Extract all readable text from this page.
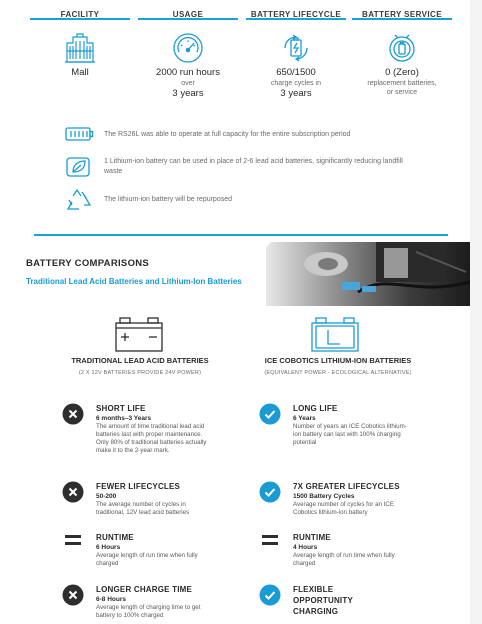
FACILITY
Mall
USAGE
2000 run hours
over
3 years
BATTERY LIFECYCLE
650/1500
charge cycles in
3 years
BATTERY SERVICE
0 (Zero)
replacement batteries,
or service
The RS26L was able to operate at full capacity for the entire subscription period
1 Lithium-ion battery can be used in place of 2-6 lead acid batteries, significantly reducing landfill waste
The lithium-ion battery will be repurposed
BATTERY COMPARISONS
Traditional Lead Acid Batteries and Lithium-Ion Batteries
TRADITIONAL LEAD ACID BATTERIES
(2 X 12V BATTERIES PROVIDE 24V POWER)
ICE COBOTICS LITHIUM-ION BATTERIES
(EQUIVALENT POWER - ECOLOGICAL ALTERNATIVE)
SHORT LIFE
6 months–3 Years
The amount of time traditional lead acid batteries last with proper maintenance. Only 80% of traditional batteries actually make it to the 2-year mark.
FEWER LIFECYCLES
50-200
The average number of cycles in traditional, 12V lead acid batteries
RUNTIME
6 Hours
Average length of run time when fully charged
LONGER CHARGE TIME
6-8 Hours
Average length of charging time to get battery to 100% charged
LONG LIFE
6 Years
Number of years an ICE Cobotics lithium-ion battery can last with 100% charging potential
7X GREATER LIFECYCLES
1500 Battery Cycles
Average number of cycles for an ICE Cobotics lithium-ion battery
RUNTIME
4 Hours
Average length of run time when fully charged
FLEXIBLE OPPORTUNITY CHARGING
